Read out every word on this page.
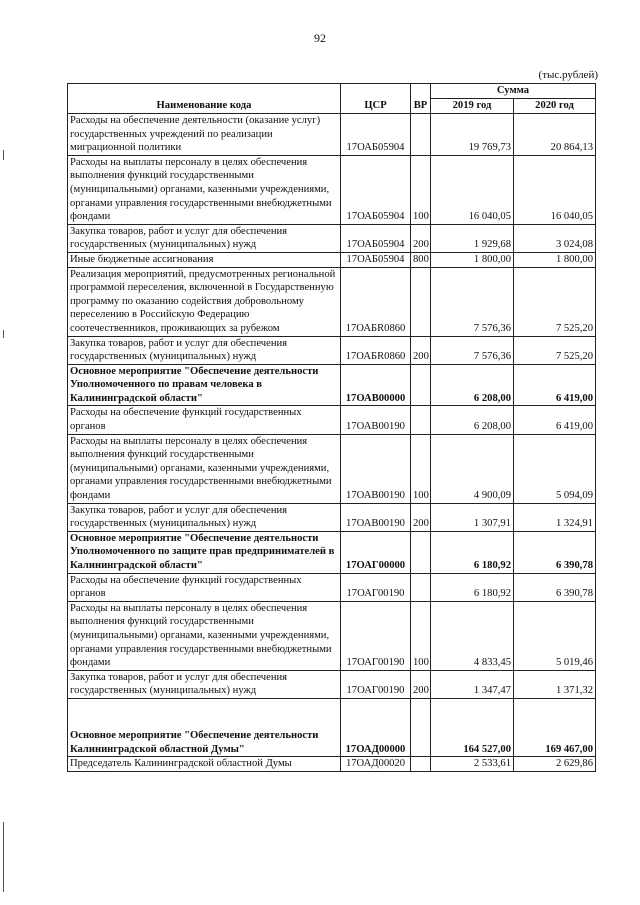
92
(тыс.рублей)
Наименование кода	ЦСР	ВР	Сумма	
			2019 год	2020 год
Расходы на обеспечение деятельности (оказание услуг) государственных учреждений по реализации миграционной политики	17ОАБ05904		19 769,73	20 864,13
Расходы на выплаты персоналу в целях обеспечения выполнения функций государственными (муниципальными) органами, казенными учреждениями, органами управления государственными внебюджетными фондами	17ОАБ05904	100	16 040,05	16 040,05
Закупка товаров, работ и услуг для обеспечения государственных (муниципальных) нужд	17ОАБ05904	200	1 929,68	3 024,08
Иные бюджетные ассигнования	17ОАБ05904	800	1 800,00	1 800,00
Реализация мероприятий, предусмотренных региональной программой переселения, включенной в Государственную программу по оказанию содействия добровольному переселению в Российскую Федерацию соотечественников, проживающих за рубежом	17ОАБR0860		7 576,36	7 525,20
Закупка товаров, работ и услуг для обеспечения государственных (муниципальных) нужд	17ОАБR0860	200	7 576,36	7 525,20
Основное мероприятие "Обеспечение деятельности Уполномоченного по правам человека в Калининградской области"	17ОАВ00000		6 208,00	6 419,00
Расходы на обеспечение функций государственных органов	17ОАВ00190		6 208,00	6 419,00
Расходы на выплаты персоналу в целях обеспечения выполнения функций государственными (муниципальными) органами, казенными учреждениями, органами управления государственными внебюджетными фондами	17ОАВ00190	100	4 900,09	5 094,09
Закупка товаров, работ и услуг для обеспечения государственных (муниципальных) нужд	17ОАВ00190	200	1 307,91	1 324,91
Основное мероприятие "Обеспечение деятельности Уполномоченного по защите прав предпринимателей в Калининградской области"	17ОАГ00000		6 180,92	6 390,78
Расходы на обеспечение функций государственных органов	17ОАГ00190		6 180,92	6 390,78
Расходы на выплаты персоналу в целях обеспечения выполнения функций государственными (муниципальными) органами, казенными учреждениями, органами управления государственными внебюджетными фондами	17ОАГ00190	100	4 833,45	5 019,46
Закупка товаров, работ и услуг для обеспечения государственных (муниципальных) нужд	17ОАГ00190	200	1 347,47	1 371,32
Основное мероприятие "Обеспечение деятельности Калининградской областной Думы"	17ОАД00000		164 527,00	169 467,00
Председатель Калининградской областной Думы	17ОАД00020		2 533,61	2 629,86
